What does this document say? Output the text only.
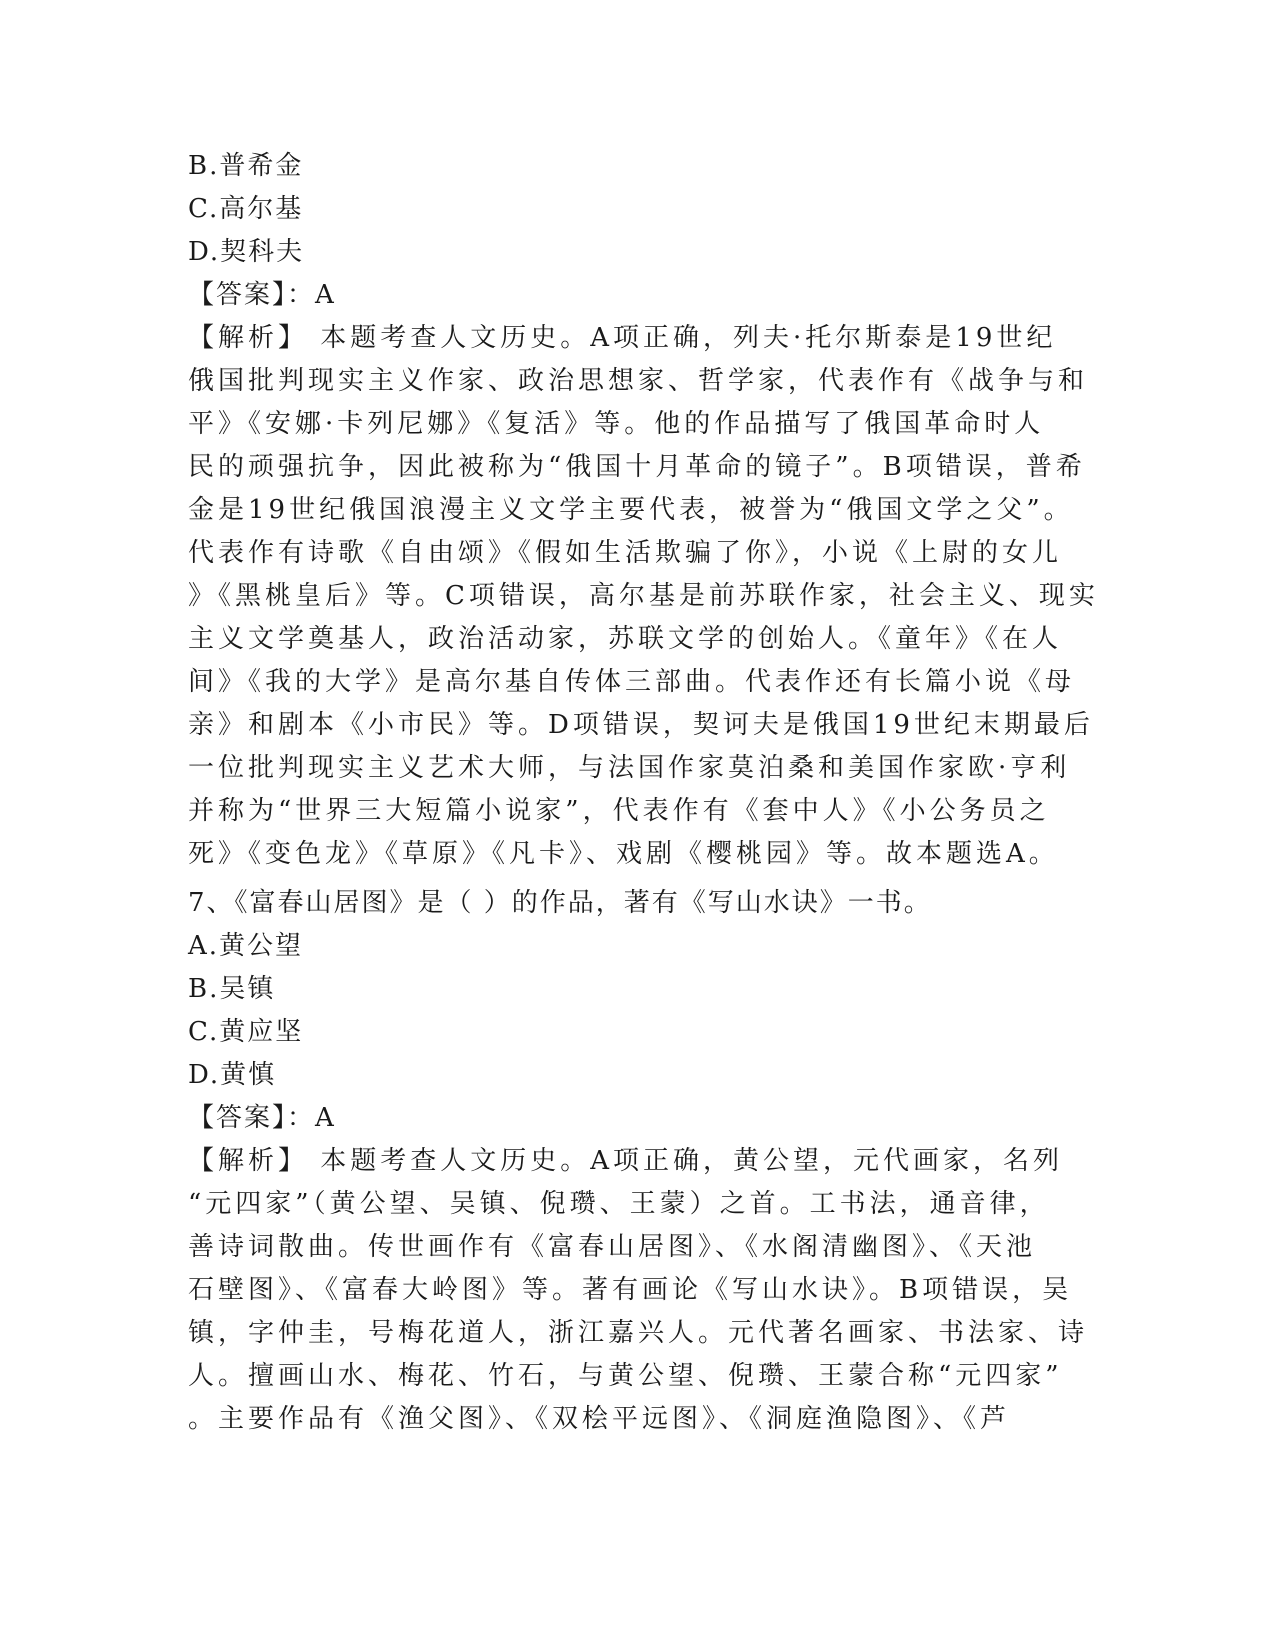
B.普希金
C.高尔基
D.契科夫
【答案】：A
【解析】 本题考查人文历史。A项正确，列夫·托尔斯泰是19世纪
俄国批判现实主义作家、政治思想家、哲学家，代表作有《战争与和
平》《安娜·卡列尼娜》《复活》等。他的作品描写了俄国革命时人
民的顽强抗争，因此被称为“俄国十月革命的镜子”。B项错误，普希
金是19世纪俄国浪漫主义文学主要代表，被誉为“俄国文学之父”。
代表作有诗歌《自由颂》《假如生活欺骗了你》，小说《上尉的女儿
》《黑桃皇后》等。C项错误，高尔基是前苏联作家，社会主义、现实
主义文学奠基人，政治活动家，苏联文学的创始人。《童年》《在人
间》《我的大学》是高尔基自传体三部曲。代表作还有长篇小说《母
亲》和剧本《小市民》等。D项错误，契诃夫是俄国19世纪末期最后
一位批判现实主义艺术大师，与法国作家莫泊桑和美国作家欧·亨利
并称为“世界三大短篇小说家”，代表作有《套中人》《小公务员之
死》《变色龙》《草原》《凡卡》、戏剧《樱桃园》等。故本题选A。
7、《富春山居图》是（ ）的作品，著有《写山水诀》一书。
A.黄公望
B.吴镇
C.黄应坚
D.黄慎
【答案】：A
【解析】 本题考查人文历史。A项正确，黄公望，元代画家，名列
“元四家”（黄公望、吴镇、倪瓒、王蒙）之首。工书法，通音律，
善诗词散曲。传世画作有《富春山居图》、《水阁清幽图》、《天池
石壁图》、《富春大岭图》等。著有画论《写山水诀》。B项错误，吴
镇，字仲圭，号梅花道人，浙江嘉兴人。元代著名画家、书法家、诗
人。擅画山水、梅花、竹石，与黄公望、倪瓒、王蒙合称“元四家”
。主要作品有《渔父图》、《双桧平远图》、《洞庭渔隐图》、《芦
